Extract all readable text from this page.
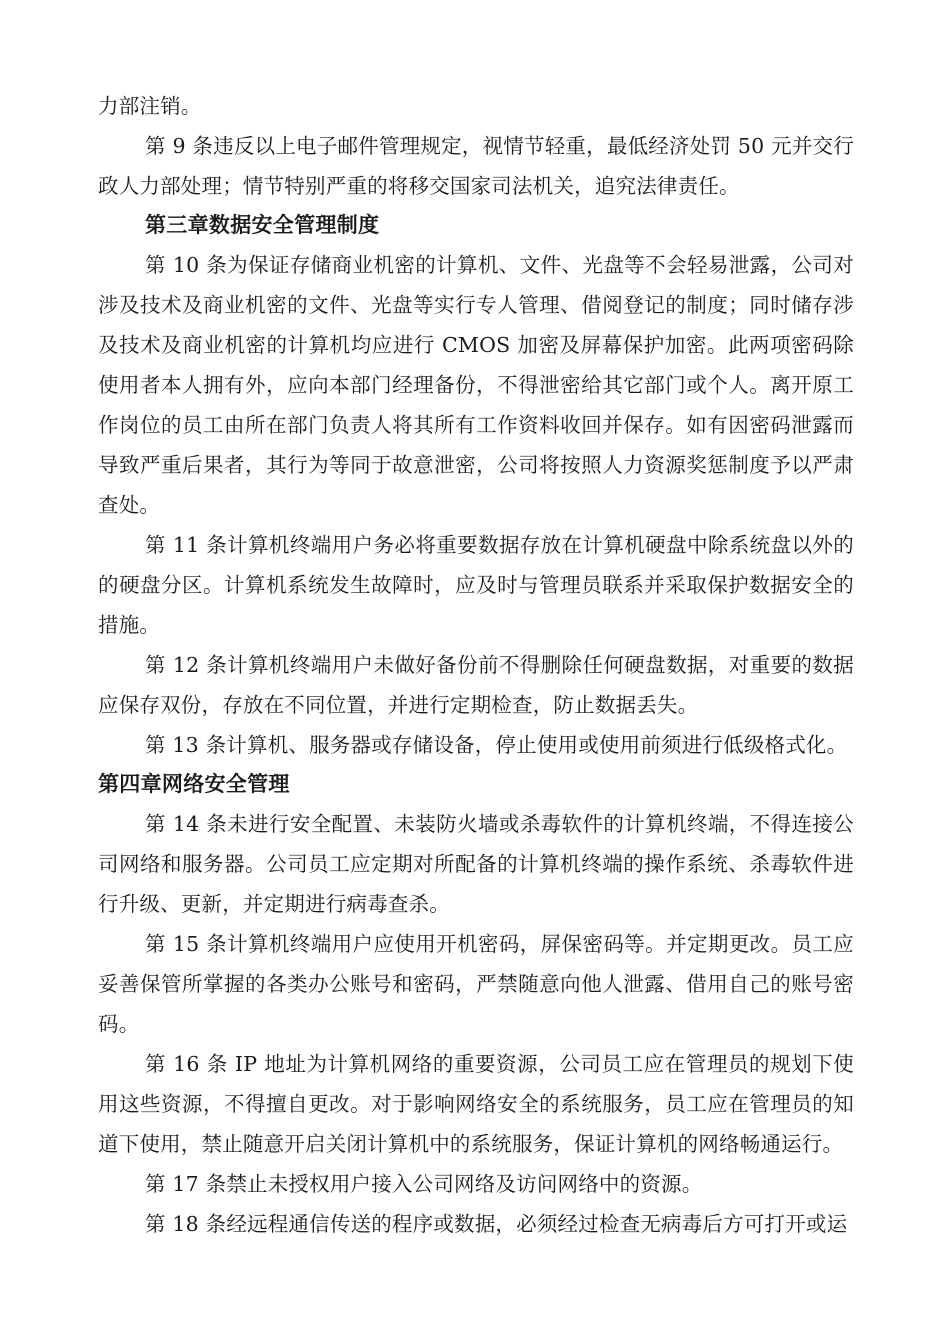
力部注销。

第 9 条违反以上电子邮件管理规定，视情节轻重，最低经济处罚 50 元并交行政人力部处理；情节特别严重的将移交国家司法机关，追究法律责任。

第三章数据安全管理制度

第 10 条为保证存储商业机密的计算机、文件、光盘等不会轻易泄露，公司对涉及技术及商业机密的文件、光盘等实行专人管理、借阅登记的制度；同时储存涉及技术及商业机密的计算机均应进行 CMOS 加密及屏幕保护加密。此两项密码除使用者本人拥有外，应向本部门经理备份，不得泄密给其它部门或个人。离开原工作岗位的员工由所在部门负责人将其所有工作资料收回并保存。如有因密码泄露而导致严重后果者，其行为等同于故意泄密，公司将按照人力资源奖惩制度予以严肃查处。

第 11 条计算机终端用户务必将重要数据存放在计算机硬盘中除系统盘以外的的硬盘分区。计算机系统发生故障时，应及时与管理员联系并采取保护数据安全的措施。

第 12 条计算机终端用户未做好备份前不得删除任何硬盘数据，对重要的数据应保存双份，存放在不同位置，并进行定期检查，防止数据丢失。

第 13 条计算机、服务器或存储设备，停止使用或使用前须进行低级格式化。

第四章网络安全管理

第 14 条未进行安全配置、未装防火墙或杀毒软件的计算机终端，不得连接公司网络和服务器。公司员工应定期对所配备的计算机终端的操作系统、杀毒软件进行升级、更新，并定期进行病毒查杀。

第 15 条计算机终端用户应使用开机密码，屏保密码等。并定期更改。员工应妥善保管所掌握的各类办公账号和密码，严禁随意向他人泄露、借用自己的账号密码。

第 16 条 IP 地址为计算机网络的重要资源，公司员工应在管理员的规划下使用这些资源，不得擅自更改。对于影响网络安全的系统服务，员工应在管理员的知道下使用，禁止随意开启关闭计算机中的系统服务，保证计算机的网络畅通运行。

第 17 条禁止未授权用户接入公司网络及访问网络中的资源。

第 18 条经远程通信传送的程序或数据，必须经过检查无病毒后方可打开或运
